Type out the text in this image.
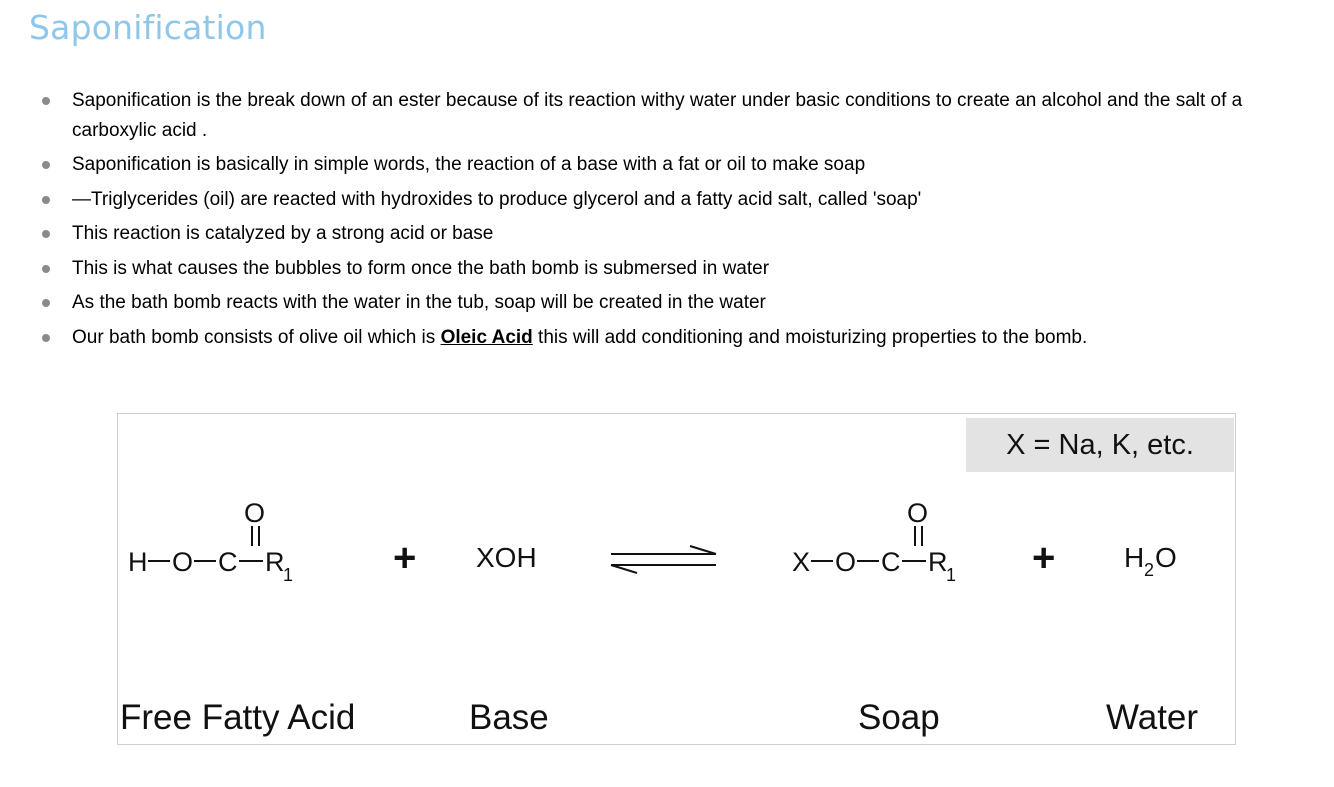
Saponification
Saponification is the break down of an ester because of its reaction withy water under basic conditions to create an alcohol and the salt of a carboxylic acid .
Saponification is basically in simple words, the reaction of a base with a fat or oil to make soap
—Triglycerides (oil) are reacted with hydroxides to produce glycerol and a fatty acid salt, called 'soap'
This reaction is catalyzed by a strong acid or base
This is what causes the bubbles to form once the bath bomb is submersed in water
As the bath bomb reacts with the water in the tub, soap will be created in the water
Our bath bomb consists of olive oil which is Oleic Acid this will add conditioning and moisturizing properties to the bomb.
X = Na, K, etc.
H O C
O
R
1 + XOH	X O C
O
R
1 + H 2 O
Free Fatty Acid	Base	Soap	Water
